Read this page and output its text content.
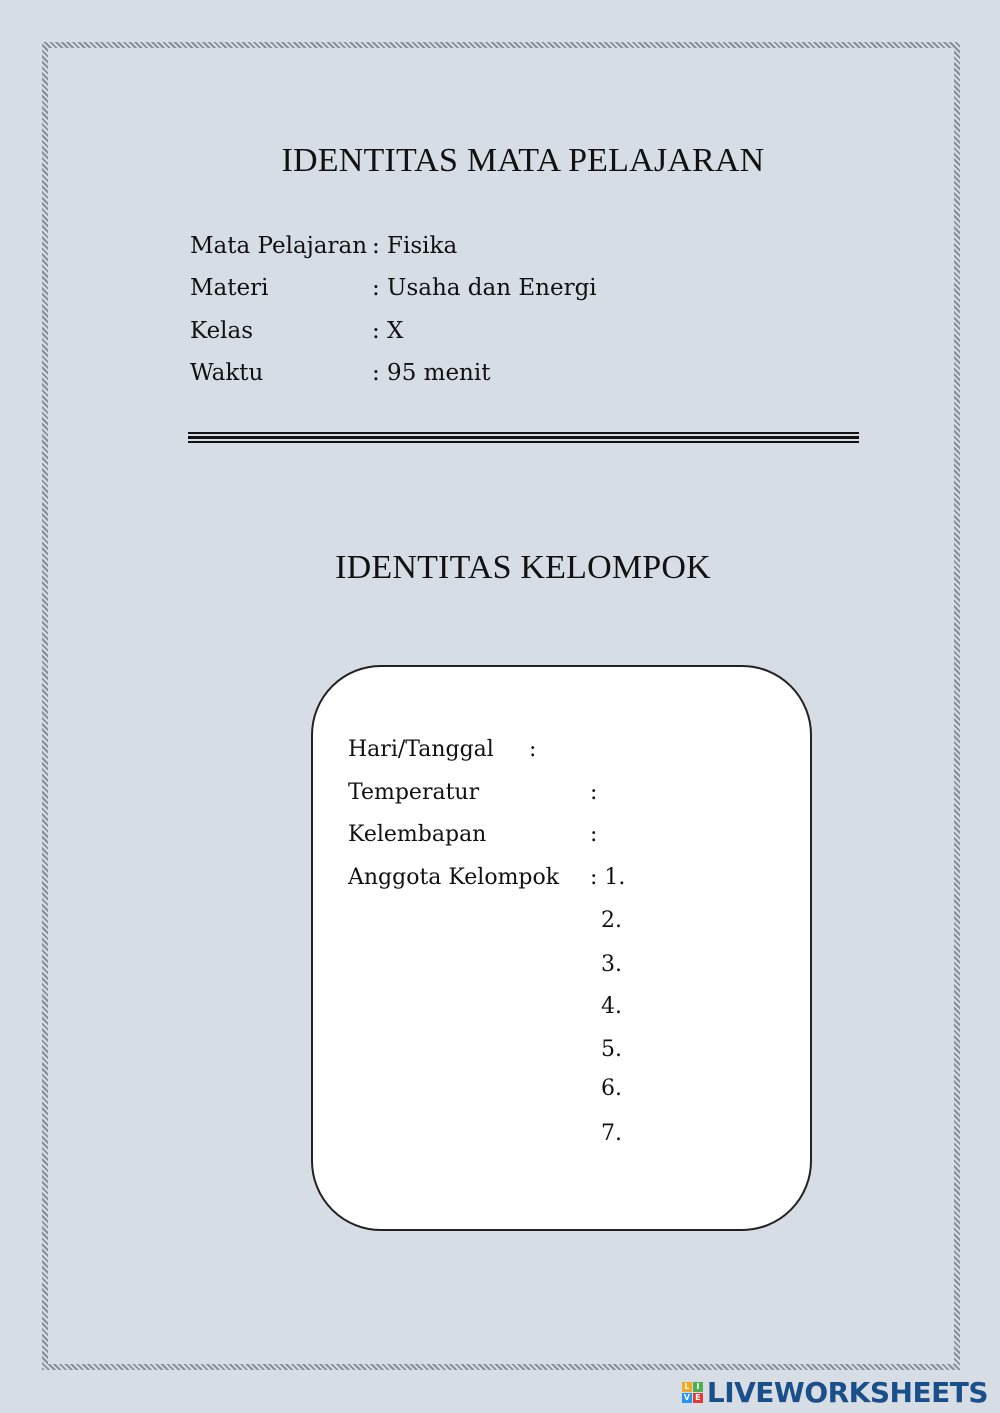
IDENTITAS MATA PELAJARAN
Mata Pelajaran : Fisika
Materi	: Usaha dan Energi
Kelas	: X
Waktu	: 95 menit
IDENTITAS KELOMPOK
Hari/Tanggal :
Temperatur	:
Kelembapan	:
Anggota Kelompok : 1.
2.
3.
4.
5.
6.
7.
L I
V E LIVEWORKSHEETS
